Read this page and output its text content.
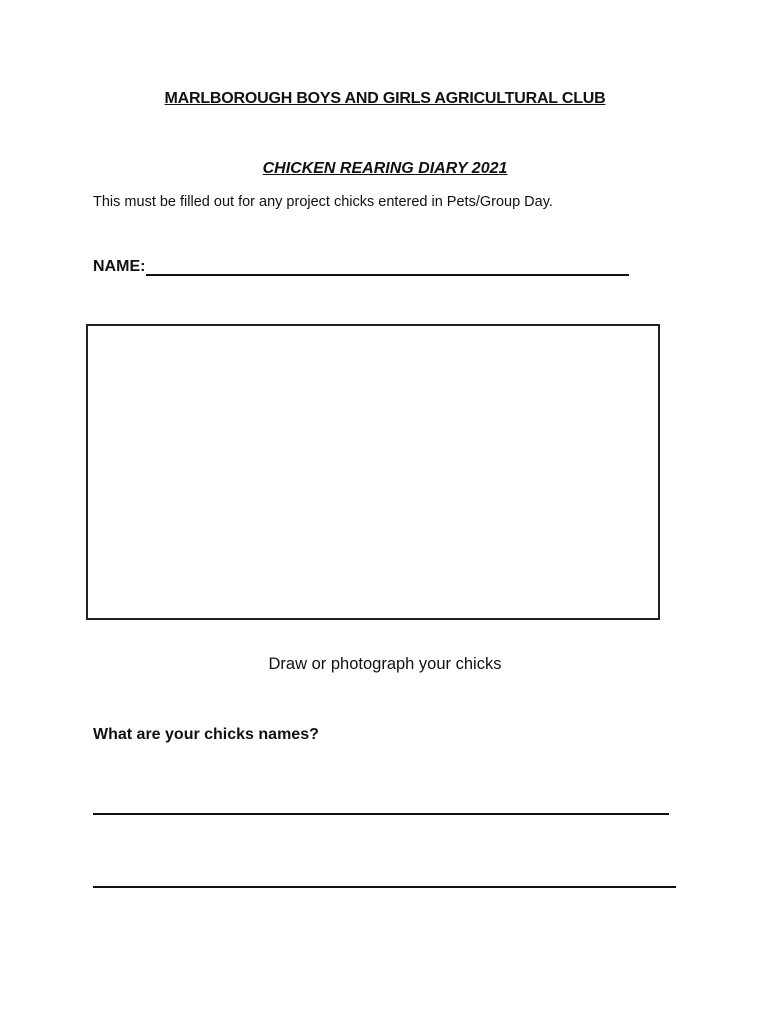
MARLBOROUGH BOYS AND GIRLS AGRICULTURAL CLUB
CHICKEN REARING DIARY 2021
This must be filled out for any project chicks entered in Pets/Group Day.
NAME:
Draw or photograph your chicks
What are your chicks names?
